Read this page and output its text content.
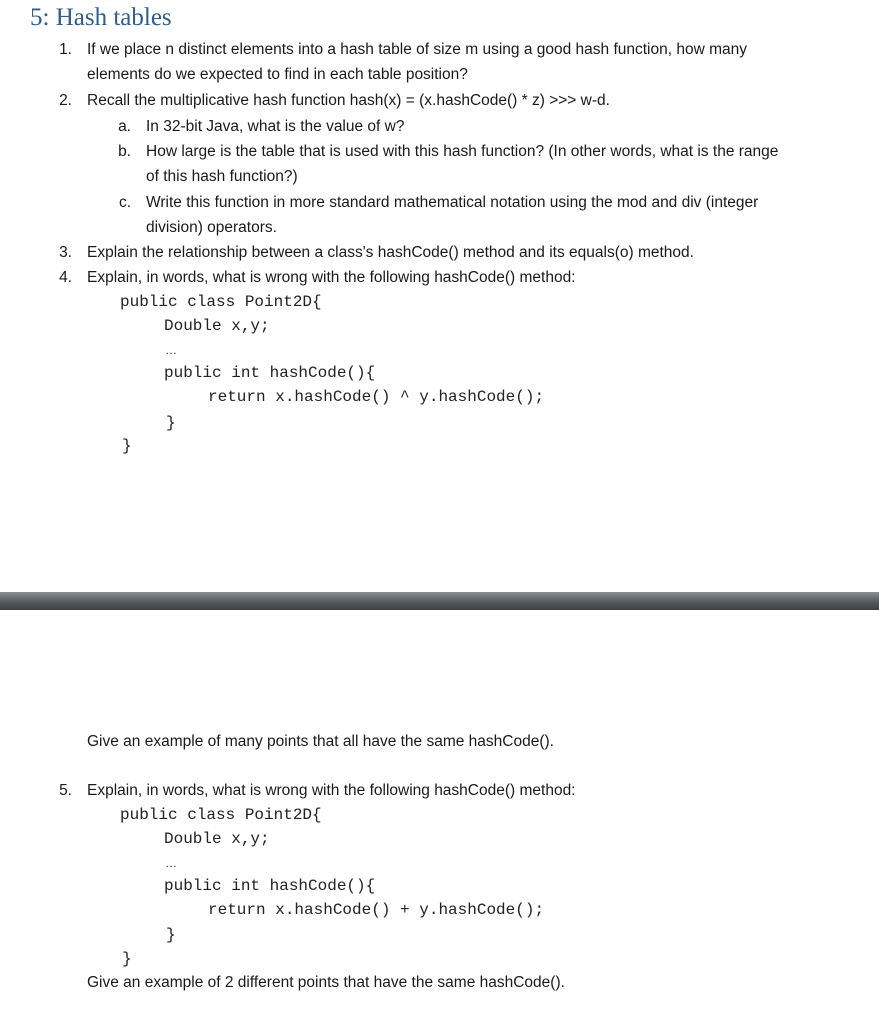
5: Hash tables
1. If we place n distinct elements into a hash table of size m using a good hash function, how many
elements do we expected to find in each table position?
2. Recall the multiplicative hash function hash(x) = (x.hashCode() * z) >>> w-d.
a. In 32-bit Java, what is the value of w?
b. How large is the table that is used with this hash function? (In other words, what is the range
of this hash function?)
c. Write this function in more standard mathematical notation using the mod and div (integer
division) operators.
3. Explain the relationship between a class's hashCode() method and its equals(o) method.
4. Explain, in words, what is wrong with the following hashCode() method:
public class Point2D{
Double x,y;
…
public int hashCode(){
return x.hashCode() ^ y.hashCode();
}
}
Give an example of many points that all have the same hashCode().
5. Explain, in words, what is wrong with the following hashCode() method:
public class Point2D{
Double x,y;
…
public int hashCode(){
return x.hashCode() + y.hashCode();
}
}
Give an example of 2 different points that have the same hashCode().
